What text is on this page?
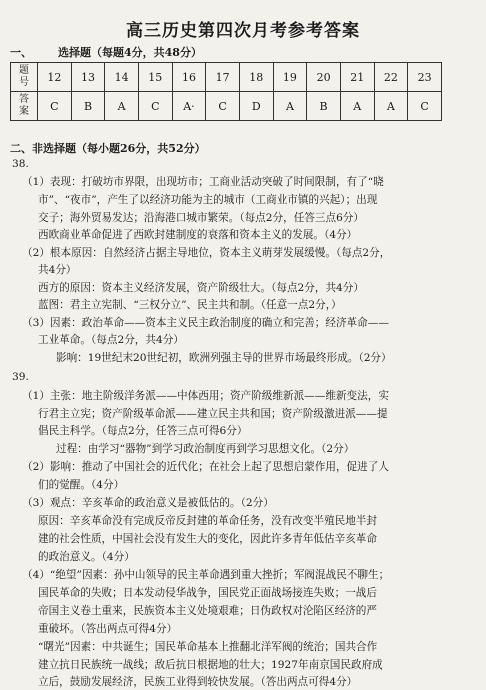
高三历史第四次月考参考答案
一、 选择题（每题4分，共48分）
题
号	12	13	14	15	16	17	18	19	20	21	22	23

答
案	C	B	A	C	A·	C	D	A	B	A	A	C
二、非选择题（每小题26分，共52分）
38.
（1）表现：打破坊市界限，出现坊市；工商业活动突破了时间限制，有了“晓
市”、“夜市”，产生了以经济功能为主的城市（工商业市镇的兴起）；出现
交子；海外贸易发达；沿海港口城市繁荣。（每点2分，任答三点6分）
西欧商业革命促进了西欧封建制度的衰落和资本主义的发展。（4分）
（2）根本原因：自然经济占据主导地位，资本主义萌芽发展缓慢。（每点2分，
共4分）
西方的原因：资本主义经济发展，资产阶级壮大。（每点2分，共4分）
蓝图：君主立宪制、“三权分立”、民主共和制。（任意一点2分，）
（3）因素：政治革命——资本主义民主政治制度的确立和完善；经济革命——
工业革命。（每点2分，共4分）
影响：19世纪末20世纪初，欧洲列强主导的世界市场最终形成。（2分）
39.
（1）主张：地主阶级洋务派——中体西用；资产阶级维新派——维新变法，实
行君主立宪；资产阶级革命派——建立民主共和国；资产阶级激进派——提
倡民主科学。（每点2分，任答三点可得6分）
过程：由学习“器物”到学习政治制度再到学习思想文化。（2分）
（2）影响：推动了中国社会的近代化；在社会上起了思想启蒙作用，促进了人
们的觉醒。（4分）
（3）观点：辛亥革命的政治意义是被低估的。（2分）
原因：辛亥革命没有完成反帝反封建的革命任务，没有改变半殖民地半封
建的社会性质，中国社会没有发生大的变化，因此许多青年低估辛亥革命
的政治意义。（4分）
（4）“绝望”因素：孙中山领导的民主革命遇到重大挫折；军阀混战民不聊生；
国民革命的失败；日本发动侵华战争，国民党正面战场接连失败；一战后
帝国主义卷土重来，民族资本主义处境艰难；日伪政权对沦陷区经济的严
重破坏。（答出两点可得4分）
“曙光”因素：中共诞生；国民革命基本上推翻北洋军阀的统治；国共合作
建立抗日民族统一战线；敌后抗日根据地的壮大；1927年南京国民政府成
立后，鼓励发展经济，民族工业得到较快发展。（答出两点可得4分）
